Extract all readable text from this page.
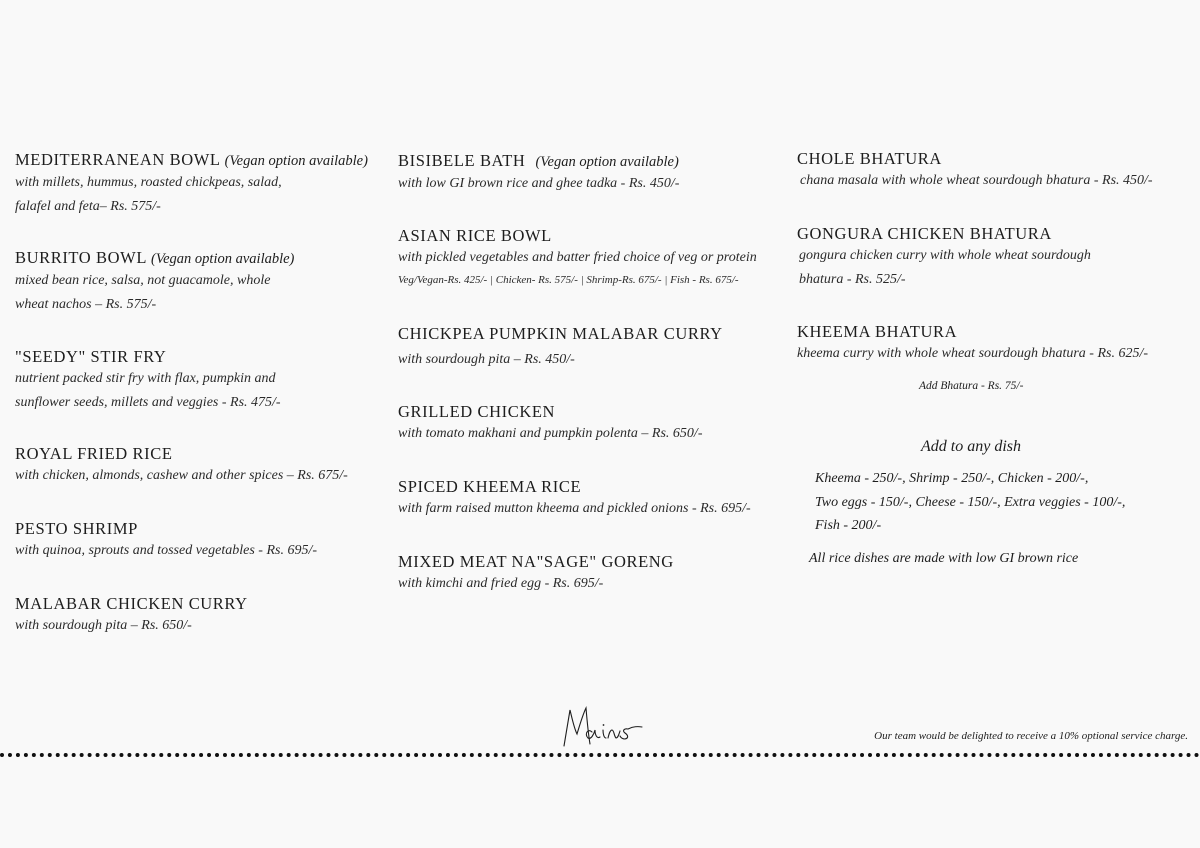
MEDITERRANEAN BOWL (Vegan option available)
with millets, hummus, roasted chickpeas, salad,
falafel and feta– Rs. 575/-
BURRITO BOWL (Vegan option available)
mixed bean rice, salsa, not guacamole, whole
wheat nachos – Rs. 575/-
"SEEDY" STIR FRY
nutrient packed stir fry with flax, pumpkin and
sunflower seeds, millets and veggies - Rs. 475/-
ROYAL FRIED RICE
with chicken, almonds, cashew and other spices – Rs. 675/-
PESTO SHRIMP
with quinoa, sprouts and tossed vegetables - Rs. 695/-
MALABAR CHICKEN CURRY
with sourdough pita – Rs. 650/-
BISIBELE BATH (Vegan option available)
with low GI brown rice and ghee tadka - Rs. 450/-
ASIAN RICE BOWL
with pickled vegetables and batter fried choice of veg or protein
Veg/Vegan-Rs. 425/- | Chicken- Rs. 575/- | Shrimp-Rs. 675/- | Fish - Rs. 675/-
CHICKPEA PUMPKIN MALABAR CURRY
with sourdough pita – Rs. 450/-
GRILLED CHICKEN
with tomato makhani and pumpkin polenta – Rs. 650/-
SPICED KHEEMA RICE
with farm raised mutton kheema and pickled onions - Rs. 695/-
MIXED MEAT NA"SAGE" GORENG
with kimchi and fried egg - Rs. 695/-
CHOLE BHATURA
chana masala with whole wheat sourdough bhatura - Rs. 450/-
GONGURA CHICKEN BHATURA
gongura chicken curry with whole wheat sourdough
bhatura - Rs. 525/-
KHEEMA BHATURA
kheema curry with whole wheat sourdough bhatura - Rs. 625/-
Add Bhatura - Rs. 75/-
Add to any dish
Kheema - 250/-, Shrimp - 250/-, Chicken - 200/-,
Two eggs - 150/-, Cheese - 150/-, Extra veggies - 100/-,
Fish - 200/-
All rice dishes are made with low GI brown rice
Our team would be delighted to receive a 10% optional service charge.
